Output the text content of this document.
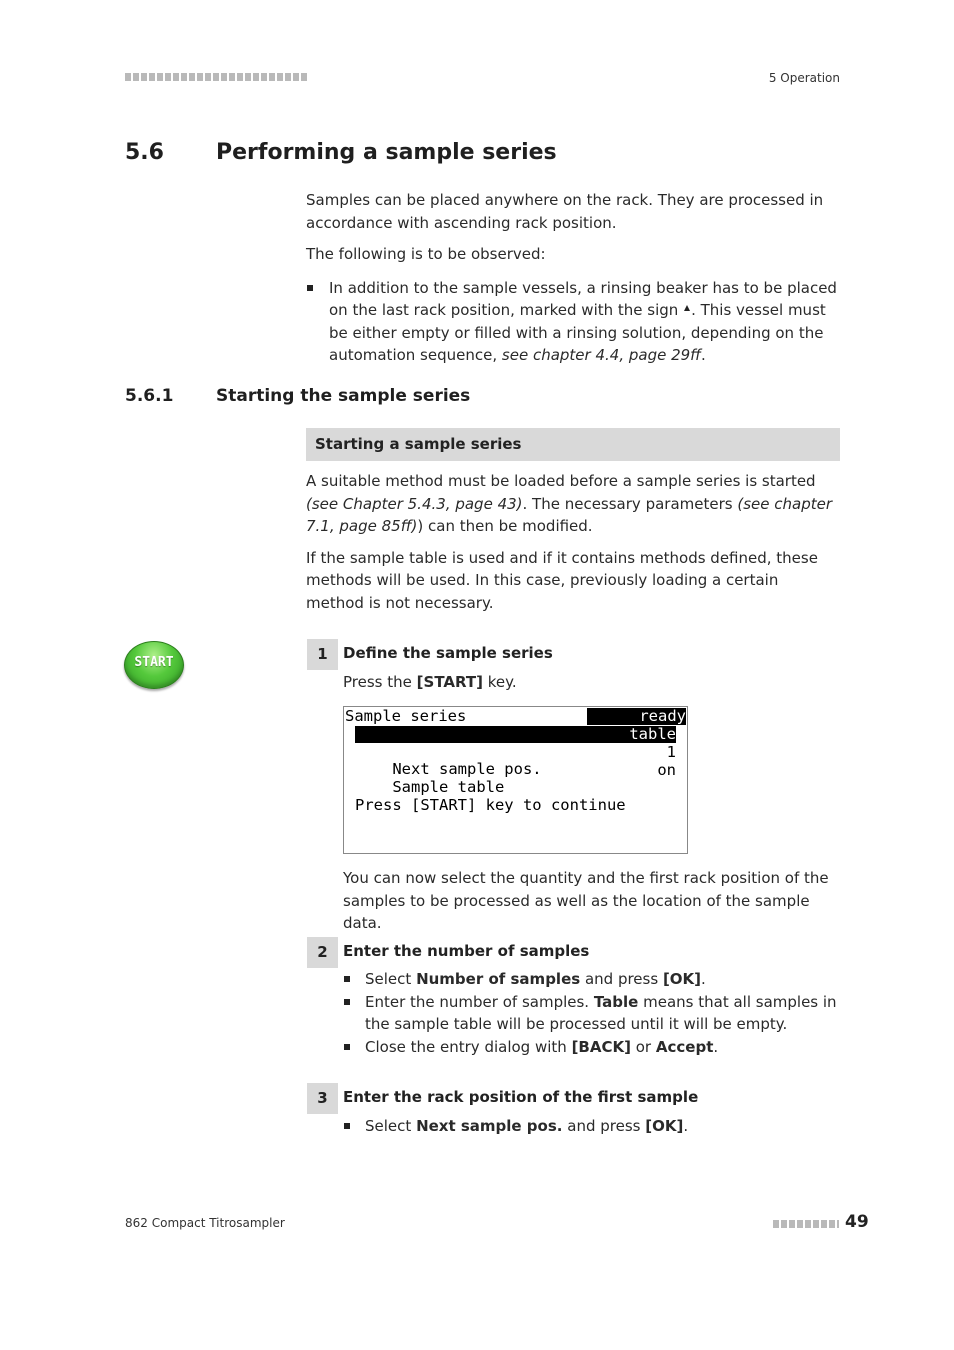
5 Operation
5.6 Performing a sample series

Samples can be placed anywhere on the rack. They are processed in accordance with ascending rack position.

The following is to be observed:

In addition to the sample vessels, a rinsing beaker has to be placed on the last rack position, marked with the sign . This vessel must be either empty or filled with a rinsing solution, depending on the automation sequence, see chapter 4.4, page 29ff.

5.6.1	Starting the sample series
Starting a sample series

A suitable method must be loaded before a sample series is started (see Chapter 5.4.3, page 43). The necessary parameters (see chapter 7.1, page 85ff)) can then be modified.

If the sample table is used and if it contains methods defined, these methods will be used. In this case, previously loading a certain method is not necessary.

START	1	Define the sample series

Press the [START] key.

Sample series	ready

Number of samples

table

Next sample pos.

1

Sample table

on

Press [START] key to continue

You can now select the quantity and the first rack position of the samples to be processed as well as the location of the sample data.

2	Enter the number of samples

Select Number of samples and press [OK].

Enter the number of samples. Table means that all samples in the sample table will be processed until it will be empty.

Close the entry dialog with [BACK] or Accept.

3	Enter the rack position of the first sample

Select Next sample pos. and press [OK].

862 Compact Titrosampler	49
